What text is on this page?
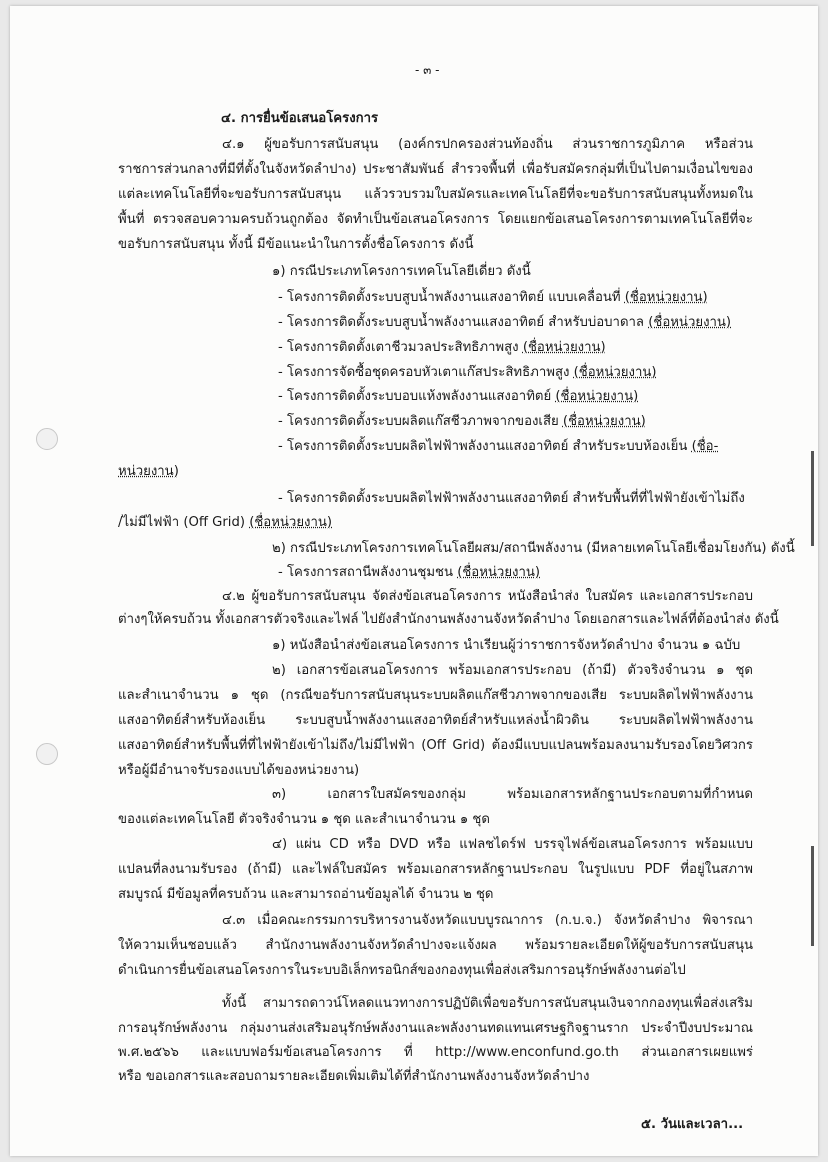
- ๓ -
๔. การยื่นข้อเสนอโครงการ
๔.๑ ผู้ขอรับการสนับสนุน (องค์กรปกครองส่วนท้องถิ่น ส่วนราชการภูมิภาค หรือส่วน
ราชการส่วนกลางที่มีที่ตั้งในจังหวัดลำปาง) ประชาสัมพันธ์ สำรวจพื้นที่ เพื่อรับสมัครกลุ่มที่เป็นไปตามเงื่อนไขของ
แต่ละเทคโนโลยีที่จะขอรับการสนับสนุน แล้วรวบรวมใบสมัครและเทคโนโลยีที่จะขอรับการสนับสนุนทั้งหมดใน
พื้นที่ ตรวจสอบความครบถ้วนถูกต้อง จัดทำเป็นข้อเสนอโครงการ โดยแยกข้อเสนอโครงการตามเทคโนโลยีที่จะ
ขอรับการสนับสนุน ทั้งนี้ มีข้อแนะนำในการตั้งชื่อโครงการ ดังนี้
๑) กรณีประเภทโครงการเทคโนโลยีเดี่ยว ดังนี้
- โครงการติดตั้งระบบสูบน้ำพลังงานแสงอาทิตย์ แบบเคลื่อนที่ (ชื่อหน่วยงาน)
- โครงการติดตั้งระบบสูบน้ำพลังงานแสงอาทิตย์ สำหรับบ่อบาดาล (ชื่อหน่วยงาน)
- โครงการติดตั้งเตาชีวมวลประสิทธิภาพสูง (ชื่อหน่วยงาน)
- โครงการจัดซื้อชุดครอบหัวเตาแก๊สประสิทธิภาพสูง (ชื่อหน่วยงาน)
- โครงการติดตั้งระบบอบแห้งพลังงานแสงอาทิตย์ (ชื่อหน่วยงาน)
- โครงการติดตั้งระบบผลิตแก๊สชีวภาพจากของเสีย (ชื่อหน่วยงาน)
- โครงการติดตั้งระบบผลิตไฟฟ้าพลังงานแสงอาทิตย์ สำหรับระบบห้องเย็น (ชื่อ-
หน่วยงาน)
- โครงการติดตั้งระบบผลิตไฟฟ้าพลังงานแสงอาทิตย์ สำหรับพื้นที่ที่ไฟฟ้ายังเข้าไม่ถึง
/ไม่มีไฟฟ้า (Off Grid) (ชื่อหน่วยงาน)
๒) กรณีประเภทโครงการเทคโนโลยีผสม/สถานีพลังงาน (มีหลายเทคโนโลยีเชื่อมโยงกัน) ดังนี้
- โครงการสถานีพลังงานชุมชน (ชื่อหน่วยงาน)
๔.๒ ผู้ขอรับการสนับสนุน จัดส่งข้อเสนอโครงการ หนังสือนำส่ง ใบสมัคร และเอกสารประกอบ
ต่างๆให้ครบถ้วน ทั้งเอกสารตัวจริงและไฟล์ ไปยังสำนักงานพลังงานจังหวัดลำปาง โดยเอกสารและไฟล์ที่ต้องนำส่ง ดังนี้
๑) หนังสือนำส่งข้อเสนอโครงการ นำเรียนผู้ว่าราชการจังหวัดลำปาง จำนวน ๑ ฉบับ
๒) เอกสารข้อเสนอโครงการ พร้อมเอกสารประกอบ (ถ้ามี) ตัวจริงจำนวน ๑ ชุด
และสำเนาจำนวน ๑ ชุด (กรณีขอรับการสนับสนุนระบบผลิตแก๊สชีวภาพจากของเสีย ระบบผลิตไฟฟ้าพลังงาน
แสงอาทิตย์สำหรับห้องเย็น ระบบสูบน้ำพลังงานแสงอาทิตย์สำหรับแหล่งน้ำผิวดิน ระบบผลิตไฟฟ้าพลังงาน
แสงอาทิตย์สำหรับพื้นที่ที่ไฟฟ้ายังเข้าไม่ถึง/ไม่มีไฟฟ้า (Off Grid) ต้องมีแบบแปลนพร้อมลงนามรับรองโดยวิศวกร
หรือผู้มีอำนาจรับรองแบบได้ของหน่วยงาน)
๓) เอกสารใบสมัครของกลุ่ม พร้อมเอกสารหลักฐานประกอบตามที่กำหนด
ของแต่ละเทคโนโลยี ตัวจริงจำนวน ๑ ชุด และสำเนาจำนวน ๑ ชุด
๔) แผ่น CD หรือ DVD หรือ แฟลชไดร์ฟ บรรจุไฟล์ข้อเสนอโครงการ พร้อมแบบ
แปลนที่ลงนามรับรอง (ถ้ามี) และไฟล์ใบสมัคร พร้อมเอกสารหลักฐานประกอบ ในรูปแบบ PDF ที่อยู่ในสภาพ
สมบูรณ์ มีข้อมูลที่ครบถ้วน และสามารถอ่านข้อมูลได้ จำนวน ๒ ชุด
๔.๓ เมื่อคณะกรรมการบริหารงานจังหวัดแบบบูรณาการ (ก.บ.จ.) จังหวัดลำปาง พิจารณา
ให้ความเห็นชอบแล้ว สำนักงานพลังงานจังหวัดลำปางจะแจ้งผล พร้อมรายละเอียดให้ผู้ขอรับการสนับสนุน
ดำเนินการยื่นข้อเสนอโครงการในระบบอิเล็กทรอนิกส์ของกองทุนเพื่อส่งเสริมการอนุรักษ์พลังงานต่อไป
ทั้งนี้ สามารถดาวน์โหลดแนวทางการปฏิบัติเพื่อขอรับการสนับสนุนเงินจากกองทุนเพื่อส่งเสริม
การอนุรักษ์พลังงาน กลุ่มงานส่งเสริมอนุรักษ์พลังงานและพลังงานทดแทนเศรษฐกิจฐานราก ประจำปีงบประมาณ
พ.ศ.๒๕๖๖ และแบบฟอร์มข้อเสนอโครงการ ที่ http://www.enconfund.go.th ส่วนเอกสารเผยแพร่
หรือ ขอเอกสารและสอบถามรายละเอียดเพิ่มเติมได้ที่สำนักงานพลังงานจังหวัดลำปาง
๕. วันและเวลา...
